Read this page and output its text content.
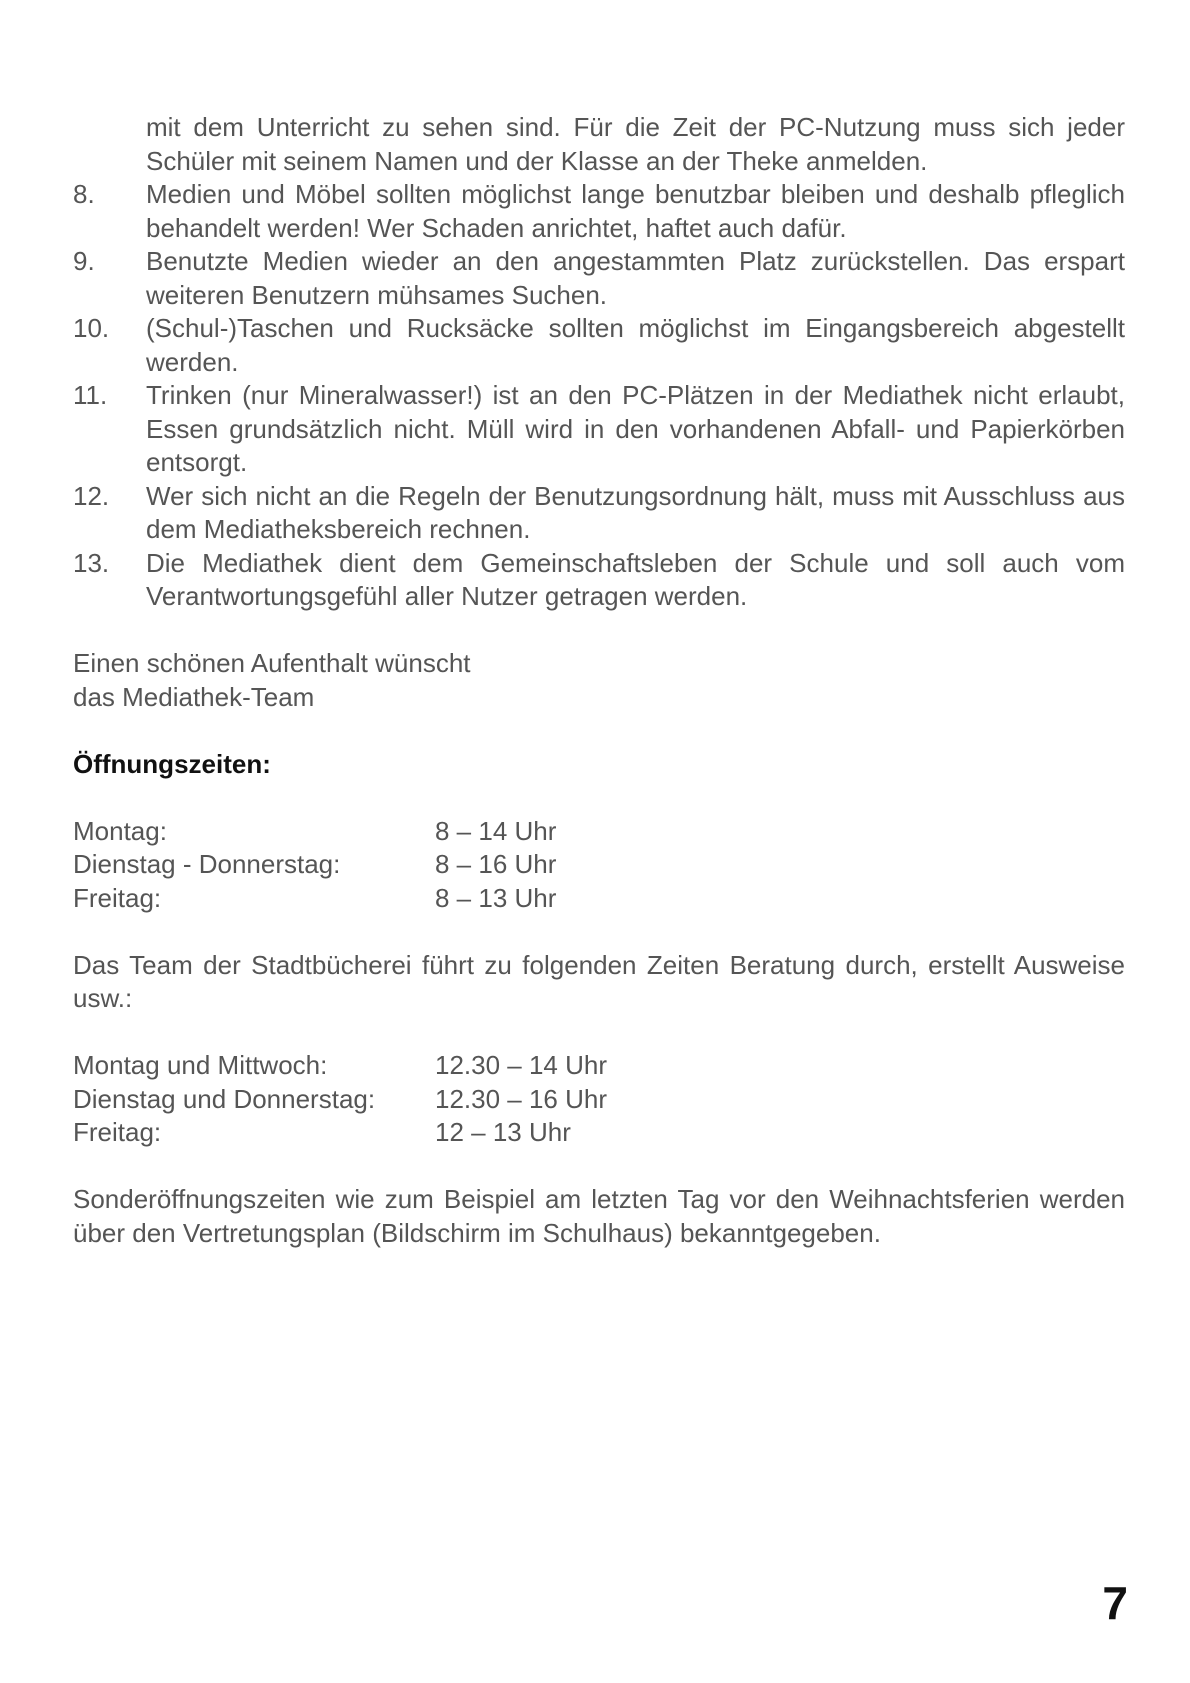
mit dem Unterricht zu sehen sind. Für die Zeit der PC-Nutzung muss sich jeder Schüler mit seinem Namen und der Klasse an der Theke anmelden.
8.	Medien und Möbel sollten möglichst lange benutzbar bleiben und deshalb pfleglich behandelt werden! Wer Schaden anrichtet, haftet auch dafür.
9.	Benutzte Medien wieder an den angestammten Platz zurückstellen. Das erspart weiteren Benutzern mühsames Suchen.
10.	(Schul-)Taschen und Rucksäcke sollten möglichst im Eingangsbereich abgestellt werden.
11.	Trinken (nur Mineralwasser!) ist an den PC-Plätzen in der Mediathek nicht erlaubt, Essen grundsätzlich nicht. Müll wird in den vorhandenen Abfall- und Papierkörben entsorgt.
12.	Wer sich nicht an die Regeln der Benutzungsordnung hält, muss mit Ausschluss aus dem Mediatheksbereich rechnen.
13.	Die Mediathek dient dem Gemeinschaftsleben der Schule und soll auch vom Verantwortungsgefühl aller Nutzer getragen werden.
Einen schönen Aufenthalt wünscht
das Mediathek-Team
Öffnungszeiten:
Montag:	8 – 14 Uhr
Dienstag - Donnerstag:	8 – 16 Uhr
Freitag:	8 – 13 Uhr
Das Team der Stadtbücherei führt zu folgenden Zeiten Beratung durch, erstellt Ausweise usw.:
Montag und Mittwoch:	12.30 – 14 Uhr
Dienstag und Donnerstag:	12.30 – 16 Uhr
Freitag:	12 – 13 Uhr
Sonderöffnungszeiten wie zum Beispiel am letzten Tag vor den Weihnachtsferien werden über den Vertretungsplan (Bildschirm im Schulhaus) bekanntgegeben.
7
